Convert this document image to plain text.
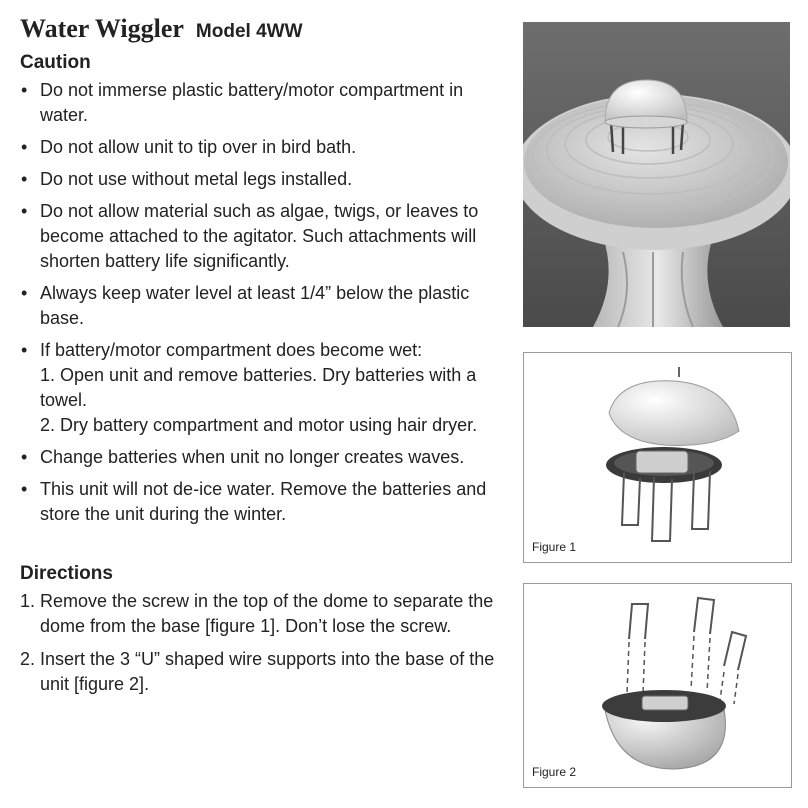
Water Wiggler Model 4WW
Caution
• Do not immerse plastic battery/motor compartment in water.
• Do not allow unit to tip over in bird bath.
• Do not use without metal legs installed.
• Do not allow material such as algae, twigs, or leaves to become attached to the agitator. Such attachments will shorten battery life significantly.
• Always keep water level at least 1/4” below the plastic base.
• If battery/motor compartment does become wet:
1. Open unit and remove batteries. Dry batteries with a towel.
2. Dry battery compartment and motor using hair dryer.
• Change batteries when unit no longer creates waves.
• This unit will not de-ice water. Remove the batteries and store the unit during the winter.
Directions
1. Remove the screw in the top of the dome to separate the dome from the base [figure 1]. Don’t lose the screw.
2. Insert the 3 “U” shaped wire supports into the base of the unit [figure 2].
Figure 1
Figure 2
